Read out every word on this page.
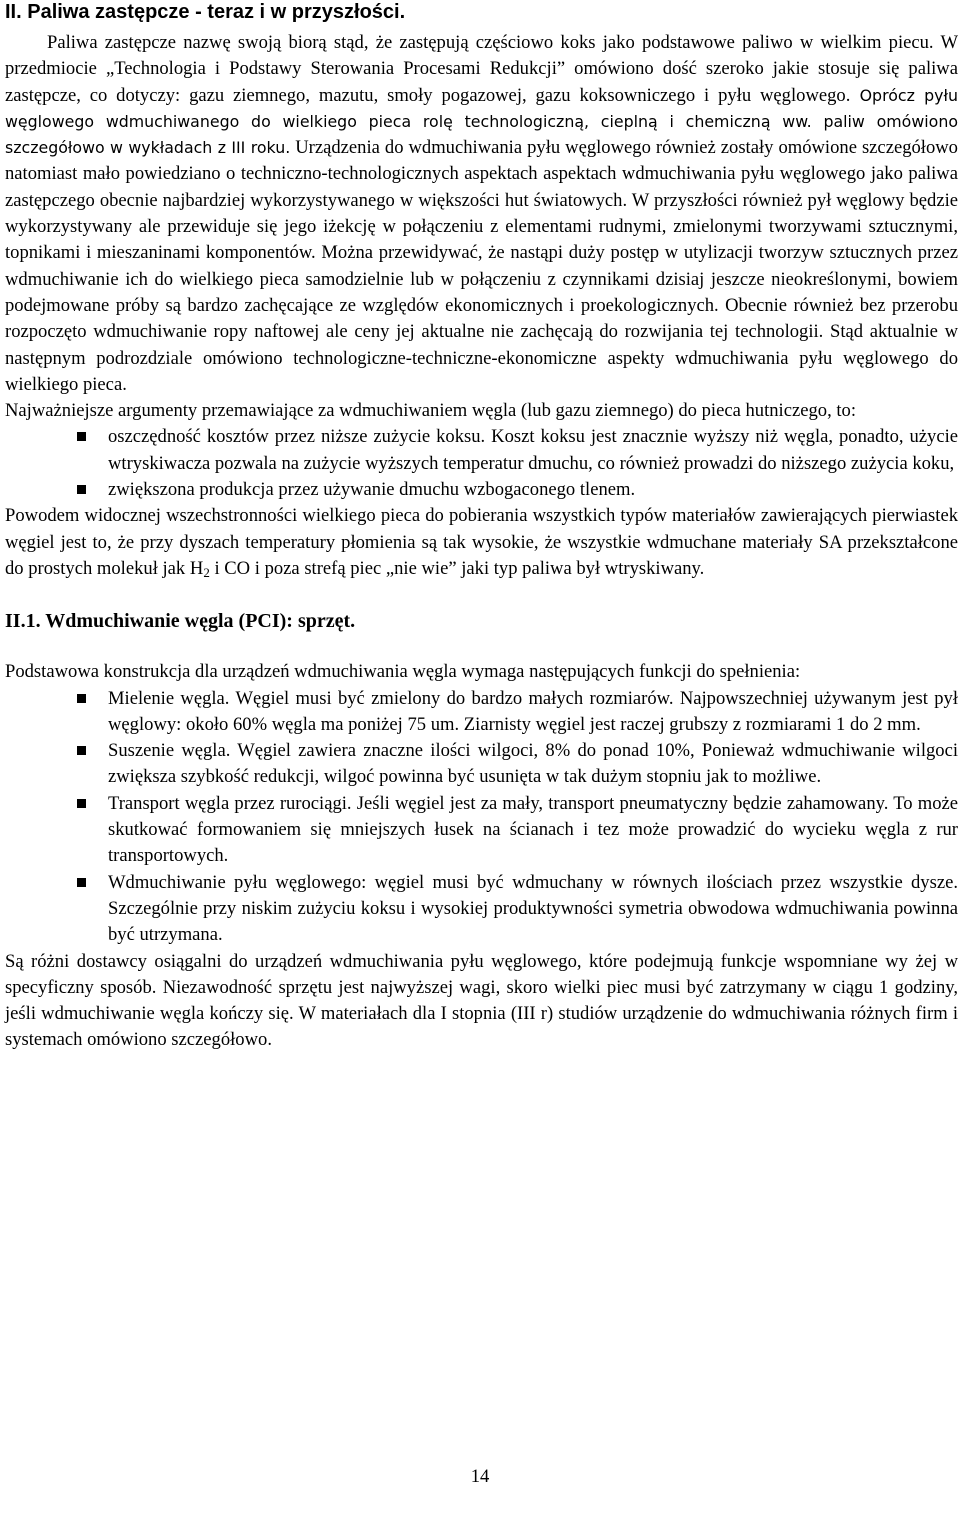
II. Paliwa zastępcze - teraz i w przyszłości.

Paliwa zastępcze nazwę swoją biorą stąd, że zastępują częściowo koks jako podstawowe paliwo w wielkim piecu. W przedmiocie „Technologia i Podstawy Sterowania Procesami Redukcji” omówiono dość szeroko jakie stosuje się paliwa zastępcze, co dotyczy: gazu ziemnego, mazutu, smoły pogazowej, gazu koksowniczego i pyłu węglowego. Oprócz pyłu węglowego wdmuchiwanego do wielkiego pieca rolę technologiczną, cieplną i chemiczną ww. paliw omówiono szczegółowo w wykładach z III roku. Urządzenia do wdmuchiwania pyłu węglowego również zostały omówione szczegółowo natomiast mało powiedziano o techniczno-technologicznych aspektach aspektach wdmuchiwania pyłu węglowego jako paliwa zastępczego obecnie najbardziej wykorzystywanego w większości hut światowych. W przyszłości również pył węglowy będzie wykorzystywany ale przewiduje się jego iżekcję w połączeniu z elementami rudnymi, zmielonymi tworzywami sztucznymi, topnikami i mieszaninami komponentów. Można przewidywać, że nastąpi duży postęp w utylizacji tworzyw sztucznych przez wdmuchiwanie ich do wielkiego pieca samodzielnie lub w połączeniu z czynnikami dzisiaj jeszcze nieokreślonymi, bowiem podejmowane próby są bardzo zachęcające ze względów ekonomicznych i proekologicznych. Obecnie również bez przerobu rozpoczęto wdmuchiwanie ropy naftowej ale ceny jej aktualne nie zachęcają do rozwijania tej technologii. Stąd aktualnie w następnym podrozdziale omówiono technologiczne-techniczne-ekonomiczne aspekty wdmuchiwania pyłu węglowego do wielkiego pieca.

Najważniejsze argumenty przemawiające za wdmuchiwaniem węgla (lub gazu ziemnego) do pieca hutniczego, to:

oszczędność kosztów przez niższe zużycie koksu. Koszt koksu jest znacznie wyższy niż węgla, ponadto, użycie wtryskiwacza pozwala na zużycie wyższych temperatur dmuchu, co również prowadzi do niższego zużycia koku,
zwiększona produkcja przez używanie dmuchu wzbogaconego tlenem.

Powodem widocznej wszechstronności wielkiego pieca do pobierania wszystkich typów materiałów zawierających pierwiastek węgiel jest to, że przy dyszach temperatury płomienia są tak wysokie, że wszystkie wdmuchane materiały SA przekształcone do prostych molekuł jak $H_2$ i CO i poza strefą piec „nie wie” jaki typ paliwa był wtryskiwany.

II.1. Wdmuchiwanie węgla (PCI): sprzęt.

Podstawowa konstrukcja dla urządzeń wdmuchiwania węgla wymaga następujących funkcji do spełnienia:

Mielenie węgla. Węgiel musi być zmielony do bardzo małych rozmiarów. Najpowszechniej używanym jest pył węglowy: około 60% węgla ma poniżej 75 um. Ziarnisty węgiel jest raczej grubszy z rozmiarami 1 do 2 mm.
Suszenie węgla. Węgiel zawiera znaczne ilości wilgoci, 8% do ponad 10%, Ponieważ wdmuchiwanie wilgoci zwiększa szybkość redukcji, wilgoć powinna być usunięta w tak dużym stopniu jak to możliwe.
Transport węgla przez rurociągi. Jeśli węgiel jest za mały, transport pneumatyczny będzie zahamowany. To może skutkować formowaniem się mniejszych łusek na ścianach i tez może prowadzić do wycieku węgla z rur transportowych.
Wdmuchiwanie pyłu węglowego: węgiel musi być wdmuchany w równych ilościach przez wszystkie dysze. Szczególnie przy niskim zużyciu koksu i wysokiej produktywności symetria obwodowa wdmuchiwania powinna być utrzymana.

Są różni dostawcy osiągalni do urządzeń wdmuchiwania pyłu węglowego, które podejmują funkcje wspomniane wy żej w specyficzny sposób. Niezawodność sprzętu jest najwyższej wagi, skoro wielki piec musi być zatrzymany w ciągu 1 godziny, jeśli wdmuchiwanie węgla kończy się. W materiałach dla I stopnia (III r) studiów urządzenie do wdmuchiwania różnych firm i systemach omówiono szczegółowo.

14
